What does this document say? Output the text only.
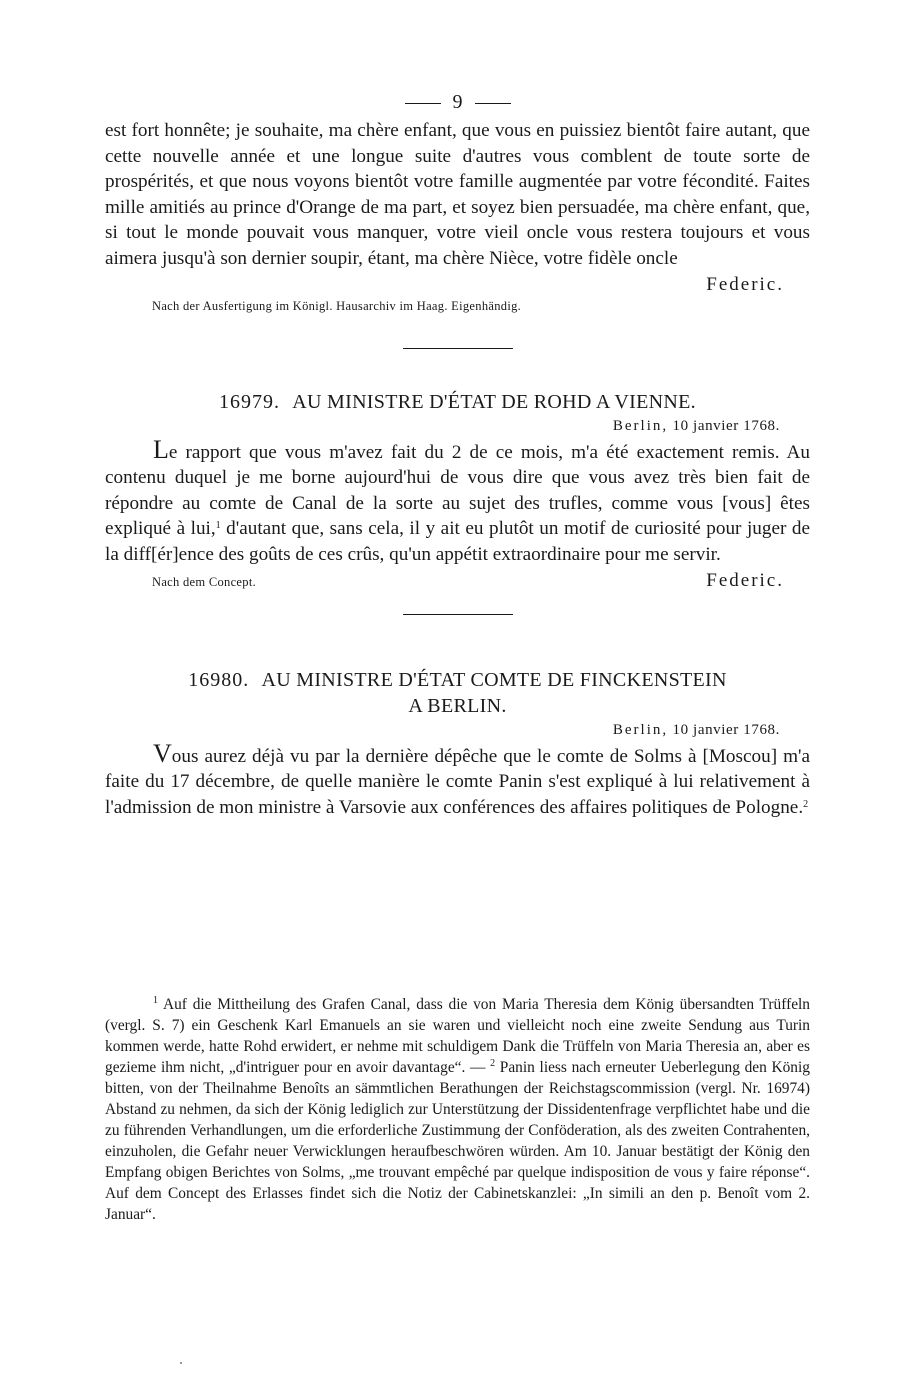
9

est fort honnête; je souhaite, ma chère enfant, que vous en puissiez bientôt faire autant, que cette nouvelle année et une longue suite d'autres vous comblent de toute sorte de prospérités, et que nous voyons bientôt votre famille augmentée par votre fécondité. Faites mille amitiés au prince d'Orange de ma part, et soyez bien persuadée, ma chère enfant, que, si tout le monde pouvait vous manquer, votre vieil oncle vous restera toujours et vous aimera jusqu'à son dernier soupir, étant, ma chère Nièce, votre fidèle oncle

Federic.
Nach der Ausfertigung im Königl. Hausarchiv im Haag. Eigenhändig.
16979. AU MINISTRE D'ÉTAT DE ROHD A VIENNE.
Berlin, 10 janvier 1768.

Le rapport que vous m'avez fait du 2 de ce mois, m'a été exactement remis. Au contenu duquel je me borne aujourd'hui de vous dire que vous avez très bien fait de répondre au comte de Canal de la sorte au sujet des trufles, comme vous [vous] êtes expliqué à lui,$^1$ d'autant que, sans cela, il y ait eu plutôt un motif de curiosité pour juger de la diff[ér]ence des goûts de ces crûs, qu'un appétit extraordinaire pour me servir.

Nach dem Concept.	Federic.
16980. AU MINISTRE D'ÉTAT COMTE DE FINCKENSTEIN
A BERLIN.
Berlin, 10 janvier 1768.

Vous aurez déjà vu par la dernière dépêche que le comte de Solms à [Moscou] m'a faite du 17 décembre, de quelle manière le comte Panin s'est expliqué à lui relativement à l'admission de mon ministre à Varsovie aux conférences des affaires politiques de Pologne.$^2$

$^1$ Auf die Mittheilung des Grafen Canal, dass die von Maria Theresia dem König übersandten Trüffeln (vergl. S. 7) ein Geschenk Karl Emanuels an sie waren und vielleicht noch eine zweite Sendung aus Turin kommen werde, hatte Rohd erwidert, er nehme mit schuldigem Dank die Trüffeln von Maria Theresia an, aber es gezieme ihm nicht, „d'intriguer pour en avoir davantage“. — $^2$ Panin liess nach erneuter Ueberlegung den König bitten, von der Theilnahme Benoîts an sämmtlichen Berathungen der Reichstagscommission (vergl. Nr. 16974) Abstand zu nehmen, da sich der König lediglich zur Unterstützung der Dissidentenfrage verpflichtet habe und die zu führenden Verhandlungen, um die erforderliche Zustimmung der Conföderation, als des zweiten Contrahenten, einzuholen, die Gefahr neuer Verwicklungen heraufbeschwören würden. Am 10. Januar bestätigt der König den Empfang obigen Berichtes von Solms, „me trouvant empêché par quelque indisposition de vous y faire réponse“. Auf dem Concept des Erlasses findet sich die Notiz der Cabinetskanzlei: „In simili an den p. Benoît vom 2. Januar“.
